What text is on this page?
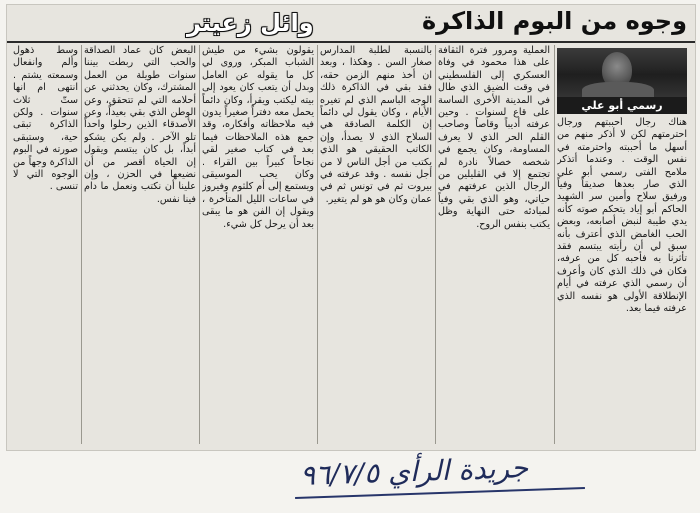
وجوه من البوم الذاكرة
وائل زعيتر
رسمي أبو علي
هناك رجال أحببتهم ورجال احترمتهم لكن لا أذكر منهم من أسهل ما أحببته واحترمته في نفس الوقت . وعندما أتذكر ملامح الفتى رسمي أبو علي الذي صار بعدها صديقاً وفياً ورفيق سلاح وأمين سر الشهيد الحاكم أبو إياد يتحكم صوته كأنه يدي طيبة لنبض أصابعه، وبعض الحب الغامض الذي أعترف بأنه سبق لي أن رأيته يبتسم فقد تأثرنا به فأحبه كل من عرفه، فكان في ذلك الذي كان وأعرف أن رسمي الذي عرفته في أيام الإنطلاقة الأولى هو نفسه الذي عرفته فيما بعد.
العملية ومرور فترة الثقافة على هذا محمود في وفاة العسكري إلى الفلسطيني في وقت الضيق الذي طال في المدينة الأخرى الساسة على قاع لسنوات . وحين عرفته أديباً وقاصاً وصاحب القلم الحر الذي لا يعرف المساومة، وكان يجمع في شخصه خصالاً نادرة لم تجتمع إلا في القليلين من الرجال الذين عرفتهم في حياتي، وهو الذي بقي وفياً لمبادئه حتى النهاية وظل يكتب بنفس الروح.
بالنسبة لطلبة المدارس صغار السن . وهكذا ، وبعد ان أخذ منهم الزمن حقه، فقد بقي في الذاكرة ذلك الوجه الباسم الذي لم تغيره الأيام ، وكان يقول لي دائماً إن الكلمة الصادقة هي السلاح الذي لا يصدأ، وإن الكاتب الحقيقي هو الذي يكتب من أجل الناس لا من أجل نفسه . وقد عرفته في بيروت ثم في تونس ثم في عمان وكان هو هو لم يتغير.
يقولون بشيء من طيش الشباب المبكر، وروى لي كل ما يقوله عن العامل وبدل أن يتعب كان يعود إلى بيته ليكتب ويقرأ، وكان دائماً يحمل معه دفتراً صغيراً يدون فيه ملاحظاته وأفكاره، وقد جمع هذه الملاحظات فيما بعد في كتاب صغير لقي نجاحاً كبيراً بين القراء . وكان يحب الموسيقى ويستمع إلى أم كلثوم وفيروز في ساعات الليل المتأخرة ، ويقول إن الفن هو ما يبقى بعد أن يرحل كل شيء.
البعض كان عماد الصداقة والحب التي ربطت بيننا سنوات طويلة من العمل المشترك، وكان يحدثني عن أحلامه التي لم تتحقق، وعن الوطن الذي بقي بعيداً، وعن الأصدقاء الذين رحلوا واحداً تلو الآخر . ولم يكن يشكو أبداً، بل كان يبتسم ويقول إن الحياة أقصر من أن نضيعها في الحزن ، وإن علينا أن نكتب ونعمل ما دام فينا نفس.
وسط ذهول وألم وانفعال وسمعته يشتم . انتهى ام انها ستّ ثلاث سنوات . ولكن الذاكرة تبقى حية، وستبقى صورته في البوم الذاكرة وجهاً من الوجوه التي لا تنسى .
جريدة الرأي ٩٦/٧/٥
